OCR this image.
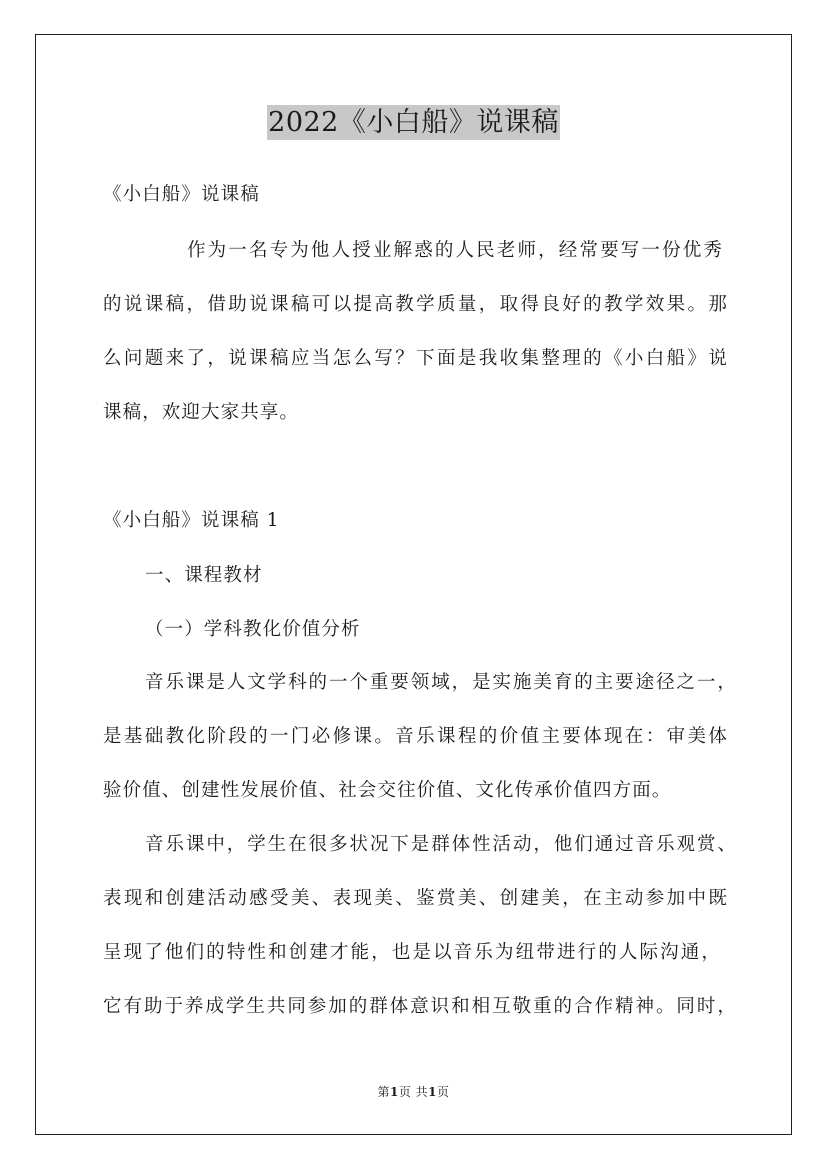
2022《小白船》说课稿

《小白船》说课稿

作为一名专为他人授业解惑的人民老师，经常要写一份优秀

的说课稿，借助说课稿可以提高教学质量，取得良好的教学效果。那

么问题来了，说课稿应当怎么写？下面是我收集整理的《小白船》说

课稿，欢迎大家共享。

《小白船》说课稿 1

一、课程教材

（一）学科教化价值分析

音乐课是人文学科的一个重要领域，是实施美育的主要途径之一，

是基础教化阶段的一门必修课。音乐课程的价值主要体现在：审美体

验价值、创建性发展价值、社会交往价值、文化传承价值四方面。

音乐课中，学生在很多状况下是群体性活动，他们通过音乐观赏、

表现和创建活动感受美、表现美、鉴赏美、创建美，在主动参加中既

呈现了他们的特性和创建才能，也是以音乐为纽带进行的人际沟通，

它有助于养成学生共同参加的群体意识和相互敬重的合作精神。同时，

第1页 共1页
